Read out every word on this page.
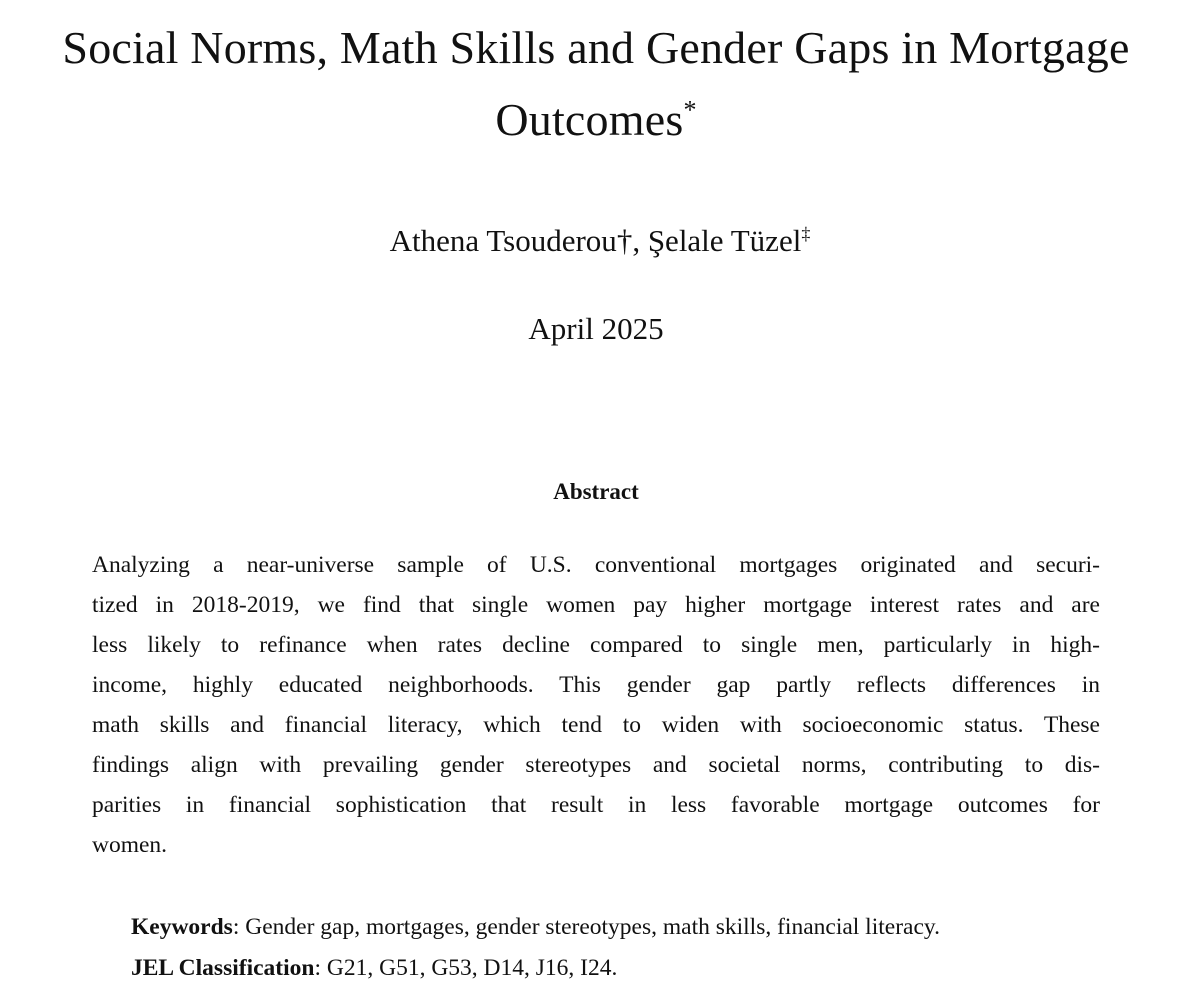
Social Norms, Math Skills and Gender Gaps in Mortgage
Outcomes*
Athena Tsouderou†, Şelale Tüzel‡
April 2025
Abstract
Analyzing a near-universe sample of U.S. conventional mortgages originated and securi-
tized in 2018-2019, we find that single women pay higher mortgage interest rates and are
less likely to refinance when rates decline compared to single men, particularly in high-
income, highly educated neighborhoods. This gender gap partly reflects differences in
math skills and financial literacy, which tend to widen with socioeconomic status. These
findings align with prevailing gender stereotypes and societal norms, contributing to dis-
parities in financial sophistication that result in less favorable mortgage outcomes for
women.
Keywords: Gender gap, mortgages, gender stereotypes, math skills, financial literacy.
JEL Classification: G21, G51, G53, D14, J16, I24.
